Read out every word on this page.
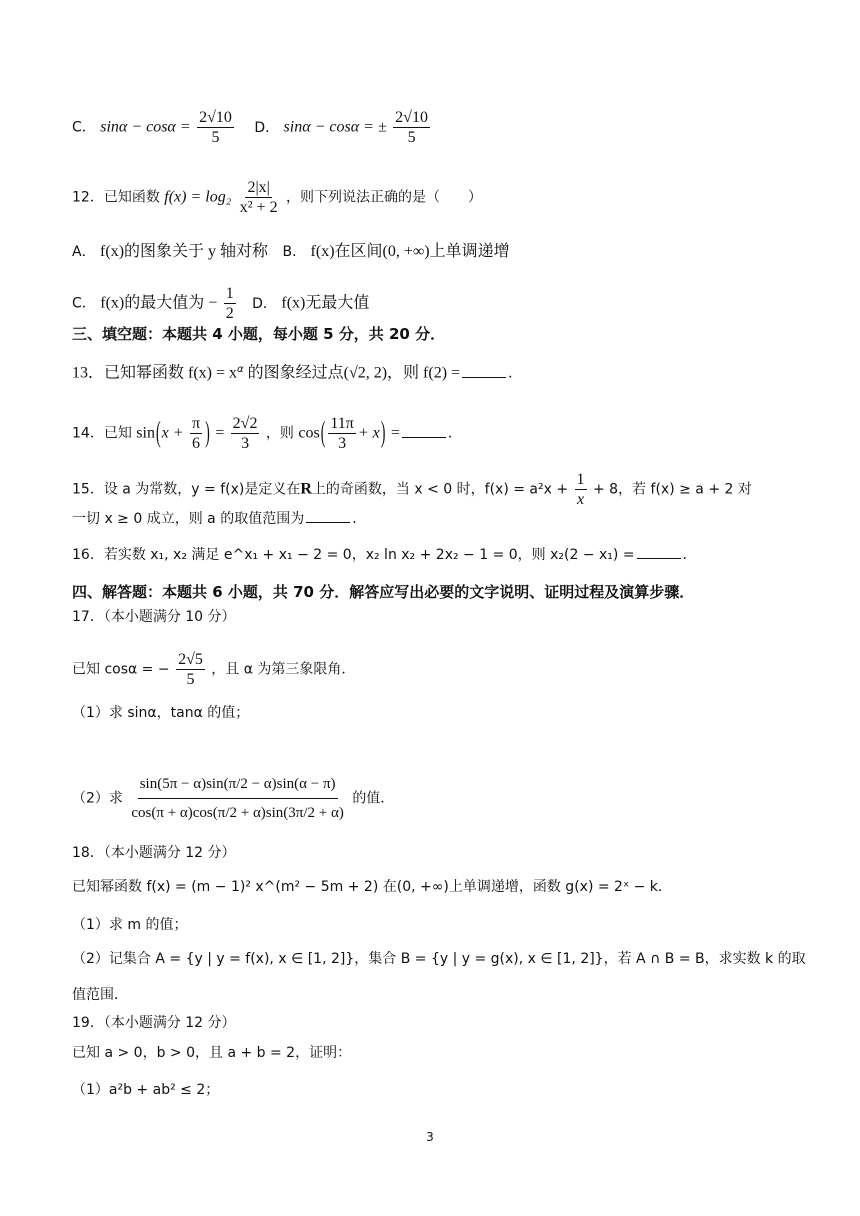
C． $\sin\alpha - \cos\alpha = \frac{2√10}{5}$ D． sinα − cosα = ± $\frac{2√10}{5}$
12．已知函数 $f(x) = \log_2 \frac{2|x|}{\text{x² + 2}}$ ，则下列说法正确的是（　　）
A． f(x)的图象关于 y 轴对称 B． f(x)在区间(0, +∞)上单调递增
C． f(x)的最大值为 − $\frac{1}{2}$ D． f(x)无最大值
三、填空题：本题共 4 小题，每小题 5 分，共 20 分．
13．已知幂函数 $f(x) = x^\alpha$ 的图象经过点(√2, 2)，则 f(2) =	．
14．已知 $\sin(x + \frac{\pi}{6}$ ) = $\frac{2√2}{3}$ ，则 $\cos( \frac{11\pi}{3} + x)$ =	．
15．设 a 为常数，y = f(x)是定义在R上的奇函数，当 x < 0 时，$f(x) = a^2x + \frac{1}{x} + 8$，若 f(x) ≥ a + 2 对
一切 x ≥ 0 成立，则 a 的取值范围为	．
16．若实数 x₁, x₂ 满足 e^x₁ + x₁ − 2 = 0，x₂ ln x₂ + 2x₂ − 1 = 0，则 x₂(2 − x₁) =	．
四、解答题：本题共 6 小题，共 70 分．解答应写出必要的文字说明、证明过程及演算步骤．
17．（本小题满分 10 分）
已知 cosα = − $\frac{2√5}{5}$ ，且 α 为第三象限角．
（1）求 sinα，tanα 的值；
（2）求 $\frac{\sin(5\pi - \alpha)\sin(\pi/2 - \alpha)\sin(\alpha - \pi)}{\cos(\pi + \alpha)\cos(\pi/2 + \alpha)\sin(3\pi/2 + \alpha)}$ 的值．
18．（本小题满分 12 分）
已知幂函数 f(x) = (m − 1)² x^(m² − 5m + 2) 在(0, +∞)上单调递增，函数 g(x) = 2ˣ − k．
（1）求 m 的值；
（2）记集合 A = {y | y = f(x), x ∈ [1, 2]}，集合 B = {y | y = g(x), x ∈ [1, 2]}，若 A ∩ B = B，求实数 k 的取
值范围．
19．（本小题满分 12 分）
已知 a > 0，b > 0，且 a + b = 2，证明：
（1）a²b + ab² ≤ 2；
3
